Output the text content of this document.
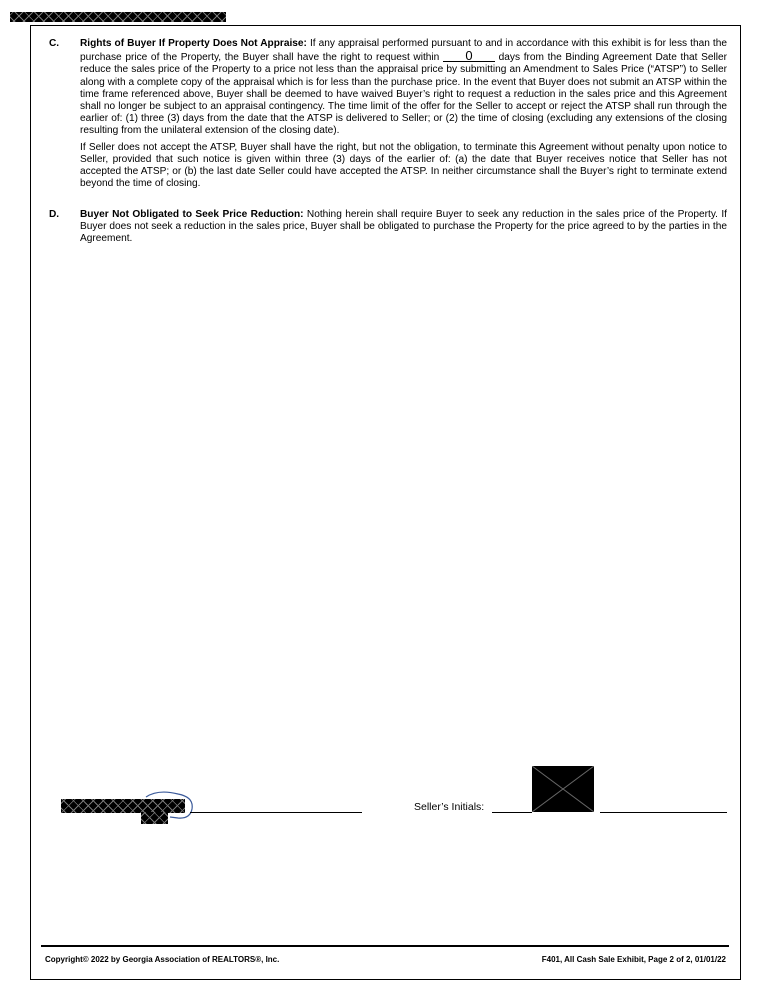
C. Rights of Buyer If Property Does Not Appraise: If any appraisal performed pursuant to and in accordance with this exhibit is for less than the purchase price of the Property, the Buyer shall have the right to request within 0	days from the Binding Agreement Date that Seller reduce the sales price of the Property to a price not less than the appraisal price by submitting an Amendment to Sales Price (“ATSP”) to Seller along with a complete copy of the appraisal which is for less than the purchase price. In the event that Buyer does not submit an ATSP within the time frame referenced above, Buyer shall be deemed to have waived Buyer’s right to request a reduction in the sales price and this Agreement shall no longer be subject to an appraisal contingency. The time limit of the offer for the Seller to accept or reject the ATSP shall run through the earlier of: (1) three (3) days from the date that the ATSP is delivered to Seller; or (2) the time of closing (excluding any extensions of the closing resulting from the unilateral extension of the closing date).

If Seller does not accept the ATSP, Buyer shall have the right, but not the obligation, to terminate this Agreement without penalty upon notice to Seller, provided that such notice is given within three (3) days of the earlier of: (a) the date that Buyer receives notice that Seller has not accepted the ATSP; or (b) the last date Seller could have accepted the ATSP. In neither circumstance shall the Buyer’s right to terminate extend beyond the time of closing.

D. Buyer Not Obligated to Seek Price Reduction: Nothing herein shall require Buyer to seek any reduction in the sales price of the Property. If Buyer does not seek a reduction in the sales price, Buyer shall be obligated to purchase the Property for the price agreed to by the parties in the Agreement.

Seller’s Initials:
Copyright© 2022 by Georgia Association of REALTORS®, Inc.	F401, All Cash Sale Exhibit, Page 2 of 2, 01/01/22
